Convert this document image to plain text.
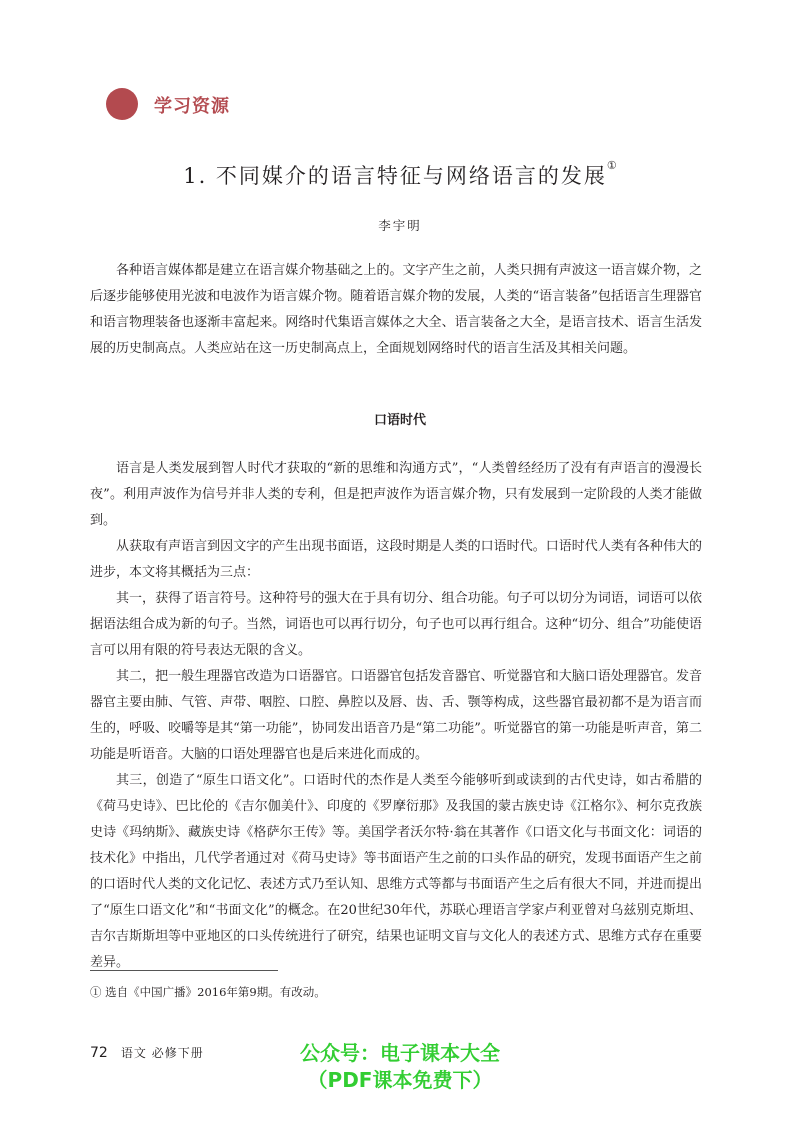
学习资源
1. 不同媒介的语言特征与网络语言的发展①
李宇明

各种语言媒体都是建立在语言媒介物基础之上的。文字产生之前，人类只拥有声波这一语言媒介物，之后逐步能够使用光波和电波作为语言媒介物。随着语言媒介物的发展，人类的“语言装备”包括语言生理器官和语言物理装备也逐渐丰富起来。网络时代集语言媒体之大全、语言装备之大全，是语言技术、语言生活发展的历史制高点。人类应站在这一历史制高点上，全面规划网络时代的语言生活及其相关问题。

口语时代

语言是人类发展到智人时代才获取的“新的思维和沟通方式”，“人类曾经经历了没有有声语言的漫漫长夜”。利用声波作为信号并非人类的专利，但是把声波作为语言媒介物，只有发展到一定阶段的人类才能做到。

从获取有声语言到因文字的产生出现书面语，这段时期是人类的口语时代。口语时代人类有各种伟大的进步，本文将其概括为三点：

其一，获得了语言符号。这种符号的强大在于具有切分、组合功能。句子可以切分为词语，词语可以依据语法组合成为新的句子。当然，词语也可以再行切分，句子也可以再行组合。这种“切分、组合”功能使语言可以用有限的符号表达无限的含义。

其二，把一般生理器官改造为口语器官。口语器官包括发音器官、听觉器官和大脑口语处理器官。发音器官主要由肺、气管、声带、咽腔、口腔、鼻腔以及唇、齿、舌、颚等构成，这些器官最初都不是为语言而生的，呼吸、咬嚼等是其“第一功能”，协同发出语音乃是“第二功能”。听觉器官的第一功能是听声音，第二功能是听语音。大脑的口语处理器官也是后来进化而成的。

其三，创造了“原生口语文化”。口语时代的杰作是人类至今能够听到或读到的古代史诗，如古希腊的《荷马史诗》、巴比伦的《吉尔伽美什》、印度的《罗摩衍那》及我国的蒙古族史诗《江格尔》、柯尔克孜族史诗《玛纳斯》、藏族史诗《格萨尔王传》等。美国学者沃尔特·翁在其著作《口语文化与书面文化：词语的技术化》中指出，几代学者通过对《荷马史诗》等书面语产生之前的口头作品的研究，发现书面语产生之前的口语时代人类的文化记忆、表述方式乃至认知、思维方式等都与书面语产生之后有很大不同，并进而提出了“原生口语文化”和“书面文化”的概念。在20世纪30年代，苏联心理语言学家卢利亚曾对乌兹别克斯坦、吉尔吉斯斯坦等中亚地区的口头传统进行了研究，结果也证明文盲与文化人的表述方式、思维方式存在重要差异。

① 选自《中国广播》2016年第9期。有改动。
72 语文 必修下册	公众号：电子课本大全
（PDF课本免费下）
